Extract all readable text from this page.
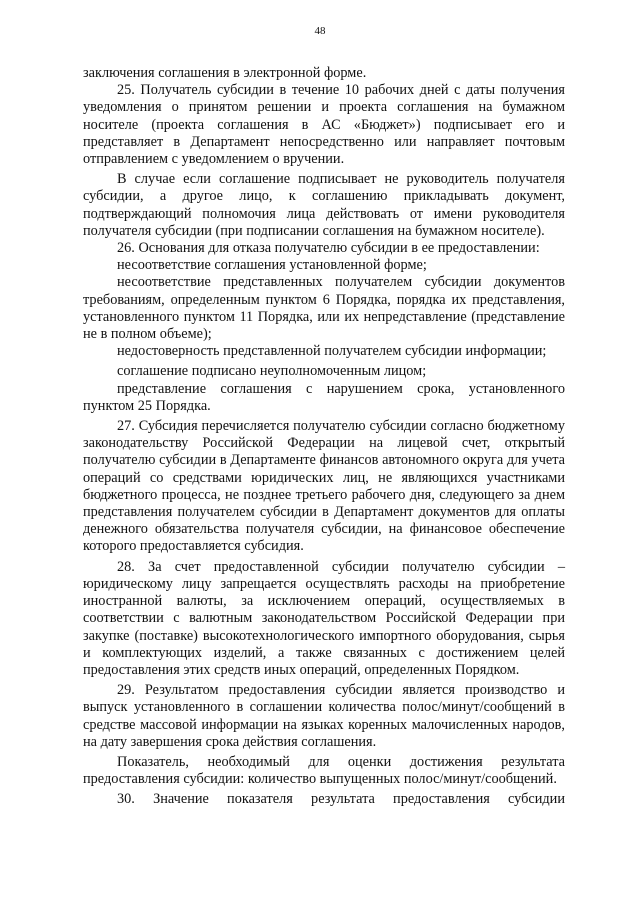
48

заключения соглашения в электронной форме.

25. Получатель субсидии в течение 10 рабочих дней с даты получения уведомления о принятом решении и проекта соглашения на бумажном носителе (проекта соглашения в АС «Бюджет») подписывает его и представляет в Департамент непосредственно или направляет почтовым отправлением с уведомлением о вручении.

В случае если соглашение подписывает не руководитель получателя субсидии, а другое лицо, к соглашению прикладывать документ, подтверждающий полномочия лица действовать от имени руководителя получателя субсидии (при подписании соглашения на бумажном носителе).

26. Основания для отказа получателю субсидии в ее предоставлении:

несоответствие соглашения установленной форме;

несоответствие представленных получателем субсидии документов требованиям, определенным пунктом 6 Порядка, порядка их представления, установленного пунктом 11 Порядка, или их непредставление (представление не в полном объеме);

недостоверность представленной получателем субсидии информации;

соглашение подписано неуполномоченным лицом;

представление соглашения с нарушением срока, установленного пунктом 25 Порядка.

27. Субсидия перечисляется получателю субсидии согласно бюджетному законодательству Российской Федерации на лицевой счет, открытый получателю субсидии в Департаменте финансов автономного округа для учета операций со средствами юридических лиц, не являющихся участниками бюджетного процесса, не позднее третьего рабочего дня, следующего за днем представления получателем субсидии в Департамент документов для оплаты денежного обязательства получателя субсидии, на финансовое обеспечение которого предоставляется субсидия.

28. За счет предоставленной субсидии получателю субсидии – юридическому лицу запрещается осуществлять расходы на приобретение иностранной валюты, за исключением операций, осуществляемых в соответствии с валютным законодательством Российской Федерации при закупке (поставке) высокотехнологического импортного оборудования, сырья и комплектующих изделий, а также связанных с достижением целей предоставления этих средств иных операций, определенных Порядком.

29. Результатом предоставления субсидии является производство и выпуск установленного в соглашении количества полос/минут/сообщений в средстве массовой информации на языках коренных малочисленных народов, на дату завершения срока действия соглашения.

Показатель, необходимый для оценки достижения результата предоставления субсидии: количество выпущенных полос/минут/сообщений.

30. Значение показателя результата предоставления субсидии
